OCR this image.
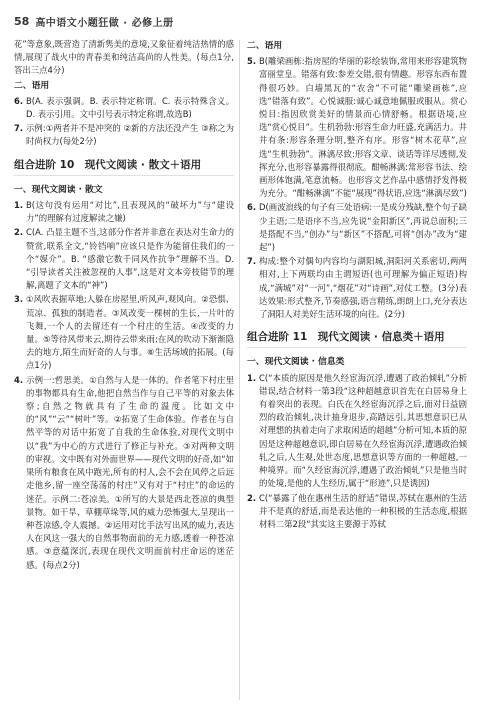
58 高中语文小题狂做 · 必修上册

花”等意象,既营造了清新隽美的意境,又象征着纯洁热情的感情,展现了战火中的青春美和纯洁高尚的人性美。(每点1分,答出三点4分)

二、语用
6. B(A. 表示强调。B. 表示特定称谓。C. 表示特殊含义。D. 表示引用。文中引号表示特定称谓,故选B)
7. 示例:①两者并不是冲突的 ②新的方法还没产生 ③称之为时尚权力(每处2分)
组合进阶 10　现代文阅读 · 散文＋语用
一、现代文阅读 · 散文
1. B(这句没有运用“对比”,且表现风的“破坏力”与“建设力”的理解有过度解读之嫌)
2. C(A. 凸显主题不当,这部分作者并非意在表达对生命力的赞赏,联系全文,“铃铛响”应该只是作为能留住我们的一个“媒介”。B. “感激它数千同风作抗争”理解不当。D. “引导读者关注被忽视的人事”,这是对文本旁枝错节的理解,离题了文本的“神”)
3. ①风吹表掘草地;人躲在房屋里,听风声,观风向。②恐惧、荒凉、孤独的制造者。③风改变一棵树的生长,一片叶的飞舞,一个人的去留还有一个村庄的生活。④改变的力量。⑤等待风带来云,期待云带来雨;在风的吹动下渐渐隐去的地方,陌生而好奇的人与事。⑥生活场域的拓展。(每点1分)
4. 示例一:哲思美。①自然与人是一体的。作者笔下村庄里的事物都具有生命,他把自然当作与自己平等的对象去体察;自然之物就具有了生命的温度。比如文中的“风”“云”“树叶”等。②拓宽了生命体验。作者在与自然平等的对话中拓宽了自我的生命体验,对现代文明中以“我”为中心的方式进行了修正与补充。③对两种文明的审视。文中既有对外面世界——现代文明的好奇,如“如果所有粮食在风中跑光,所有的村人,会不会在风停之后远走他乡,留一座空荡荡的村庄”又有对于“村庄”的命运的迷茫。示例二:苍凉美。①所写的大景是西北苍凉的典型景物。如干旱、草棚草垛等,风的威力恐怖强大,呈现出一种苍凉感,令人震撼。②运用对比手法写出风的威力,表达人在风这一强大的自然事物面前的无力感,透着一种苍凉感。③意蕴深沉,表现在现代文明面前村庄命运的迷茫感。(每点2分)
二、语用
5. B(雕梁画栋:指房屋的华丽的彩绘装饰,常用来形容建筑物富丽堂皇。错落有致:参差交错,很有情趣。形容东西布置得很巧妙。白墙黑瓦的“农舍”不可能“雕梁画栋”,应选“错落有致”。心悦诚服:诚心诚意地佩服或服从。赏心悦目:指因欣赏美好的情景而心情舒畅。根据语境,应选“赏心悦目”。生机勃勃:形容生命力旺盛,充满活力。井井有条:形容条理分明,整齐有序。形容“树木花草”,应选“生机勃勃”。淋漓尽致:形容文章、谈话等详尽透彻,发挥充分,也形容暴露得很彻底。酣畅淋漓:常形容书法、绘画形体饱满,笔意流畅。也形容文艺作品中感情抒发得极为充分。“酣畅淋漓”不能“展现”得状语,应选“淋漓尽致”)
6. D(画波浪线的句子有三处语病:一是成分残缺,整个句子缺少主语;二是语序不当,应先说“金阳新区”,再说总面积;三是搭配不当,“创办”与“新区”不搭配,可将“创办”改为“建起”)
7. 构成:整个对偶句内容均与湖阳城,洞阳河关系密切,两两相对,上下两联均由主谓短语(也可理解为偏正短语)构成,“满城”对“一河”,“烟花”对“诗画”,对仗工整。(3分)表达效果:形式整齐,节奏感强,语言精练,朗朗上口,充分表达了洞阳人对美好生活环境的向往。(2分)
组合进阶 11　现代文阅读 · 信息类＋语用
一、现代文阅读 · 信息类
1. C(“本质的原因是他久经宦海沉浮,遭遇了政治倾轧”分析错误,结合材料一第3段“这种超越意识首先在白居易身上有着突出的表现。白氏在久经宦海沉浮之后,面对日益剧烈的政治倾轧,决计抽身退步,高踏远引,其思想意识已从对理想的执着走向了求取闲适的超越”分析可知,本质的原因是这种超越意识,即白居易在久经宦海沉浮,遭遇政治倾轧之后,人生观,处世态度,思想意识等方面的一种超越,一种境界。而“久经宦海沉浮,遭遇了政治倾轧”只是他当时的处境,是他的人生经历,属于“形迹”,只是诱因)
2. C(“暴露了他在惠州生活的舒适”错误,苏轼在惠州的生活并不是真的舒适,而是表达他的一种积极的生活态度,根据材料二第2段“其实这主要源于苏轼
